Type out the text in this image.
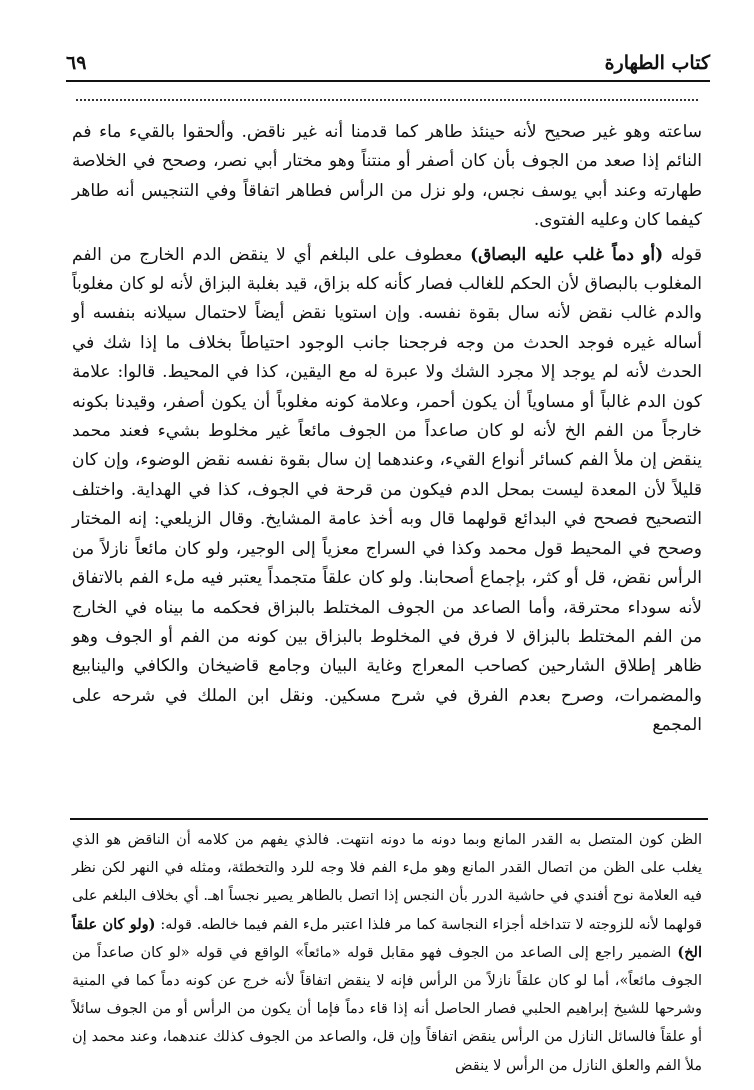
كتاب الطهارة
٦٩

ساعته وهو غير صحيح لأنه حينئذ طاهر كما قدمنا أنه غير ناقض. وألحقوا بالقيء ماء فم النائم إذا صعد من الجوف بأن كان أصفر أو منتناً وهو مختار أبي نصر، وصحح في الخلاصة طهارته وعند أبي يوسف نجس، ولو نزل من الرأس فطاهر اتفاقاً وفي التنجيس أنه طاهر كيفما كان وعليه الفتوى.

قوله (أو دماً غلب عليه البصاق) معطوف على البلغم أي لا ينقض الدم الخارج من الفم المغلوب بالبصاق لأن الحكم للغالب فصار كأنه كله بزاق، قيد بغلبة البزاق لأنه لو كان مغلوباً والدم غالب نقض لأنه سال بقوة نفسه. وإن استويا نقض أيضاً لاحتمال سيلانه بنفسه أو أساله غيره فوجد الحدث من وجه فرجحنا جانب الوجود احتياطاً بخلاف ما إذا شك في الحدث لأنه لم يوجد إلا مجرد الشك ولا عبرة له مع اليقين، كذا في المحيط. قالوا: علامة كون الدم غالباً أو مساوياً أن يكون أحمر، وعلامة كونه مغلوباً أن يكون أصفر، وقيدنا بكونه خارجاً من الفم الخ لأنه لو كان صاعداً من الجوف مائعاً غير مخلوط بشيء فعند محمد ينقض إن ملأ الفم كسائر أنواع القيء، وعندهما إن سال بقوة نفسه نقض الوضوء، وإن كان قليلاً لأن المعدة ليست بمحل الدم فيكون من قرحة في الجوف، كذا في الهداية. واختلف التصحيح فصحح في البدائع قولهما قال وبه أخذ عامة المشايخ. وقال الزيلعي: إنه المختار وصحح في المحيط قول محمد وكذا في السراج معزياً إلى الوجير، ولو كان مائعاً نازلاً من الرأس نقض، قل أو كثر، بإجماع أصحابنا. ولو كان علقاً متجمداً يعتبر فيه ملء الفم بالاتفاق لأنه سوداء محترقة، وأما الصاعد من الجوف المختلط بالبزاق فحكمه ما بيناه في الخارج من الفم المختلط بالبزاق لا فرق في المخلوط بالبزاق بين كونه من الفم أو الجوف وهو ظاهر إطلاق الشارحين كصاحب المعراج وغاية البيان وجامع قاضيخان والكافي والينابيع والمضمرات، وصرح بعدم الفرق في شرح مسكين. ونقل ابن الملك في شرحه على المجمع

الظن كون المتصل به القدر المانع وبما دونه ما دونه انتهت. فالذي يفهم من كلامه أن الناقض هو الذي يغلب على الظن من اتصال القدر المانع وهو ملء الفم فلا وجه للرد والتخطئة، ومثله في النهر لكن نظر فيه العلامة نوح أفندي في حاشية الدرر بأن النجس إذا اتصل بالطاهر يصير نجساً اهـ. أي بخلاف البلغم على قولهما لأنه للزوجته لا تتداخله أجزاء النجاسة كما مر فلذا اعتبر ملء الفم فيما خالطه. قوله: (ولو كان علقاً الخ) الضمير راجع إلى الصاعد من الجوف فهو مقابل قوله «مائعاً» الواقع في قوله «لو كان صاعداً من الجوف مائعاً»، أما لو كان علقاً نازلاً من الرأس فإنه لا ينقض اتفاقاً لأنه خرج عن كونه دماً كما في المنية وشرحها للشيخ إبراهيم الحلبي فصار الحاصل أنه إذا قاء دماً فإما أن يكون من الرأس أو من الجوف سائلاً أو علقاً فالسائل النازل من الرأس ينقض اتفاقاً وإن قل، والصاعد من الجوف كذلك عندهما، وعند محمد إن ملأ الفم والعلق النازل من الرأس لا ينقض
